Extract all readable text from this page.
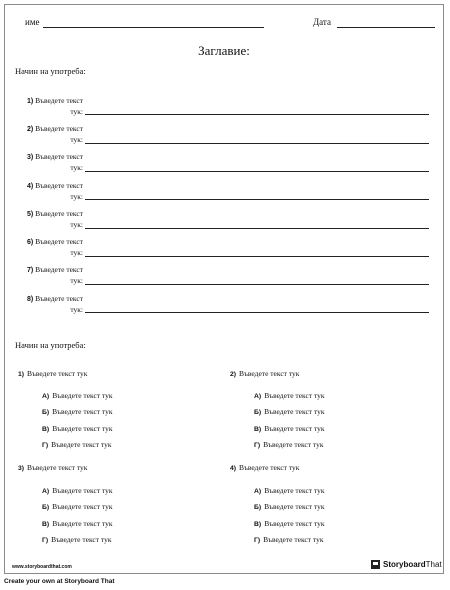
име	Дата
Заглавие:
Начин на употреба:
1) Въведете текст тук:
2) Въведете текст тук:
3) Въведете текст тук:
4) Въведете текст тук:
5) Въведете текст тук:
6) Въведете текст тук:
7) Въведете текст тук:
8) Въведете текст тук:
Начин на употреба:
1) Въведете текст тук
A) Въведете текст тук
Б) Въведете текст тук
В) Въведете текст тук
Г) Въведете текст тук
2) Въведете текст тук
A) Въведете текст тук
Б) Въведете текст тук
В) Въведете текст тук
Г) Въведете текст тук
3) Въведете текст тук
A) Въведете текст тук
Б) Въведете текст тук
В) Въведете текст тук
Г) Въведете текст тук
4) Въведете текст тук
A) Въведете текст тук
Б) Въведете текст тук
В) Въведете текст тук
Г) Въведете текст тук
www.storyboardthat.com	Storyboard That
Create your own at Storyboard That
